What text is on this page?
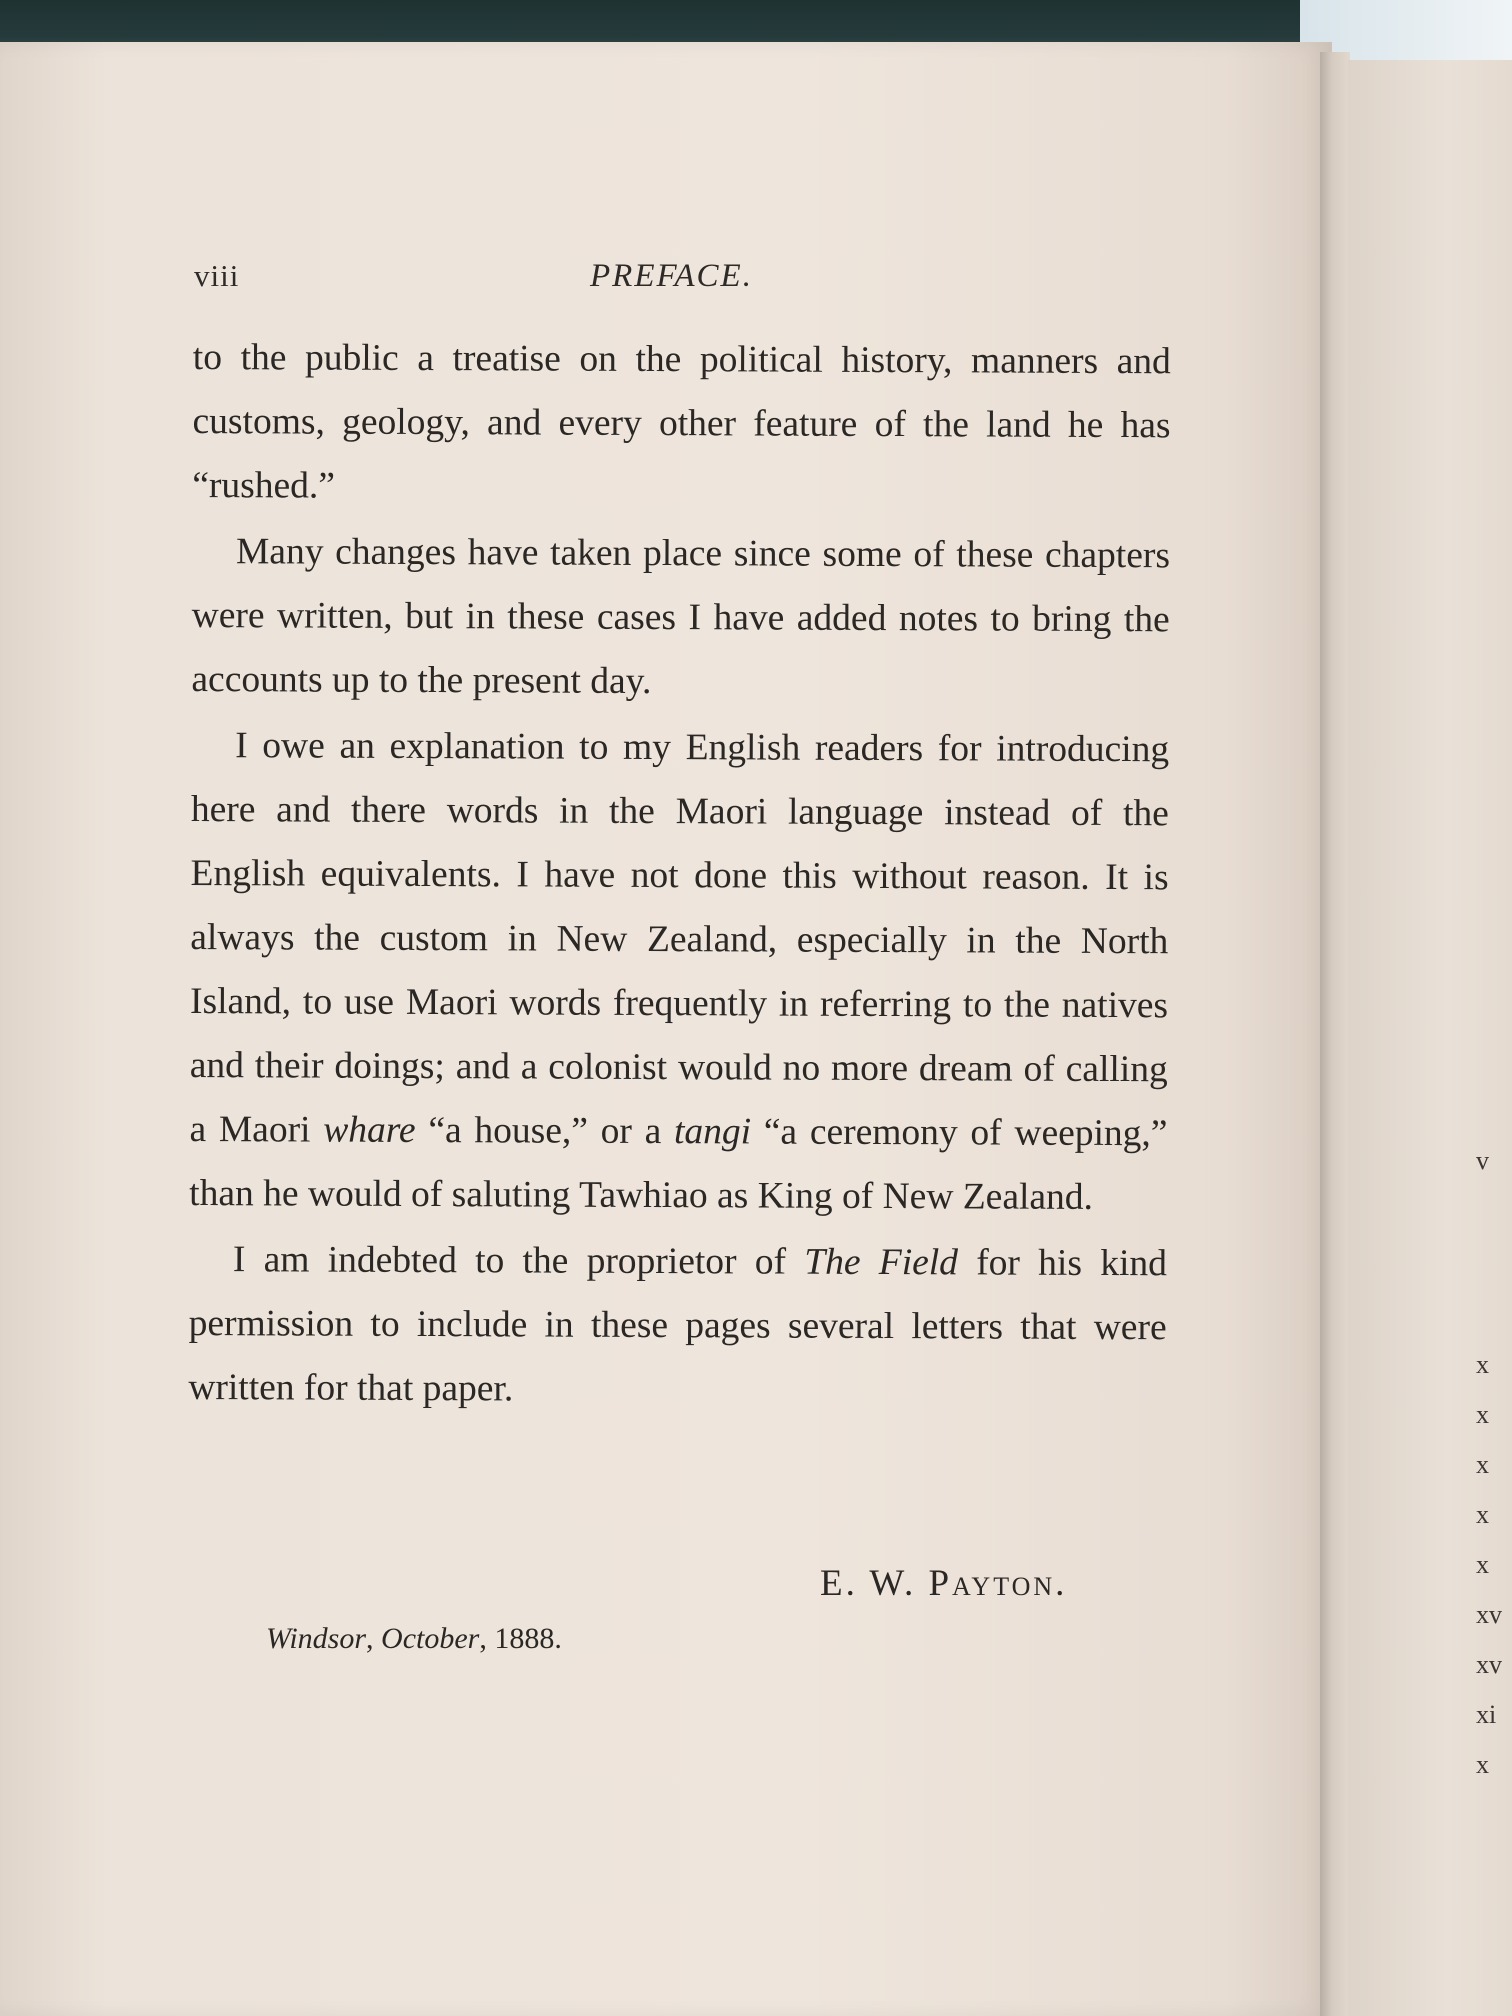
viii	PREFACE.

to the public a treatise on the political history, manners and customs, geology, and every other feature of the land he has “rushed.”

Many changes have taken place since some of these chapters were written, but in these cases I have added notes to bring the accounts up to the present day.

I owe an explanation to my English readers for introducing here and there words in the Maori language instead of the English equivalents. I have not done this without reason. It is always the custom in New Zealand, especially in the North Island, to use Maori words frequently in referring to the natives and their doings; and a colonist would no more dream of calling a Maori whare “a house,” or a tangi “a ceremony of weeping,” than he would of saluting Tawhiao as King of New Zealand.

I am indebted to the proprietor of The Field for his kind permission to include in these pages several letters that were written for that paper.

E. W. Payton.
Windsor, October, 1888.
v
x
x
x
x
x
xv
xv
xi
x
